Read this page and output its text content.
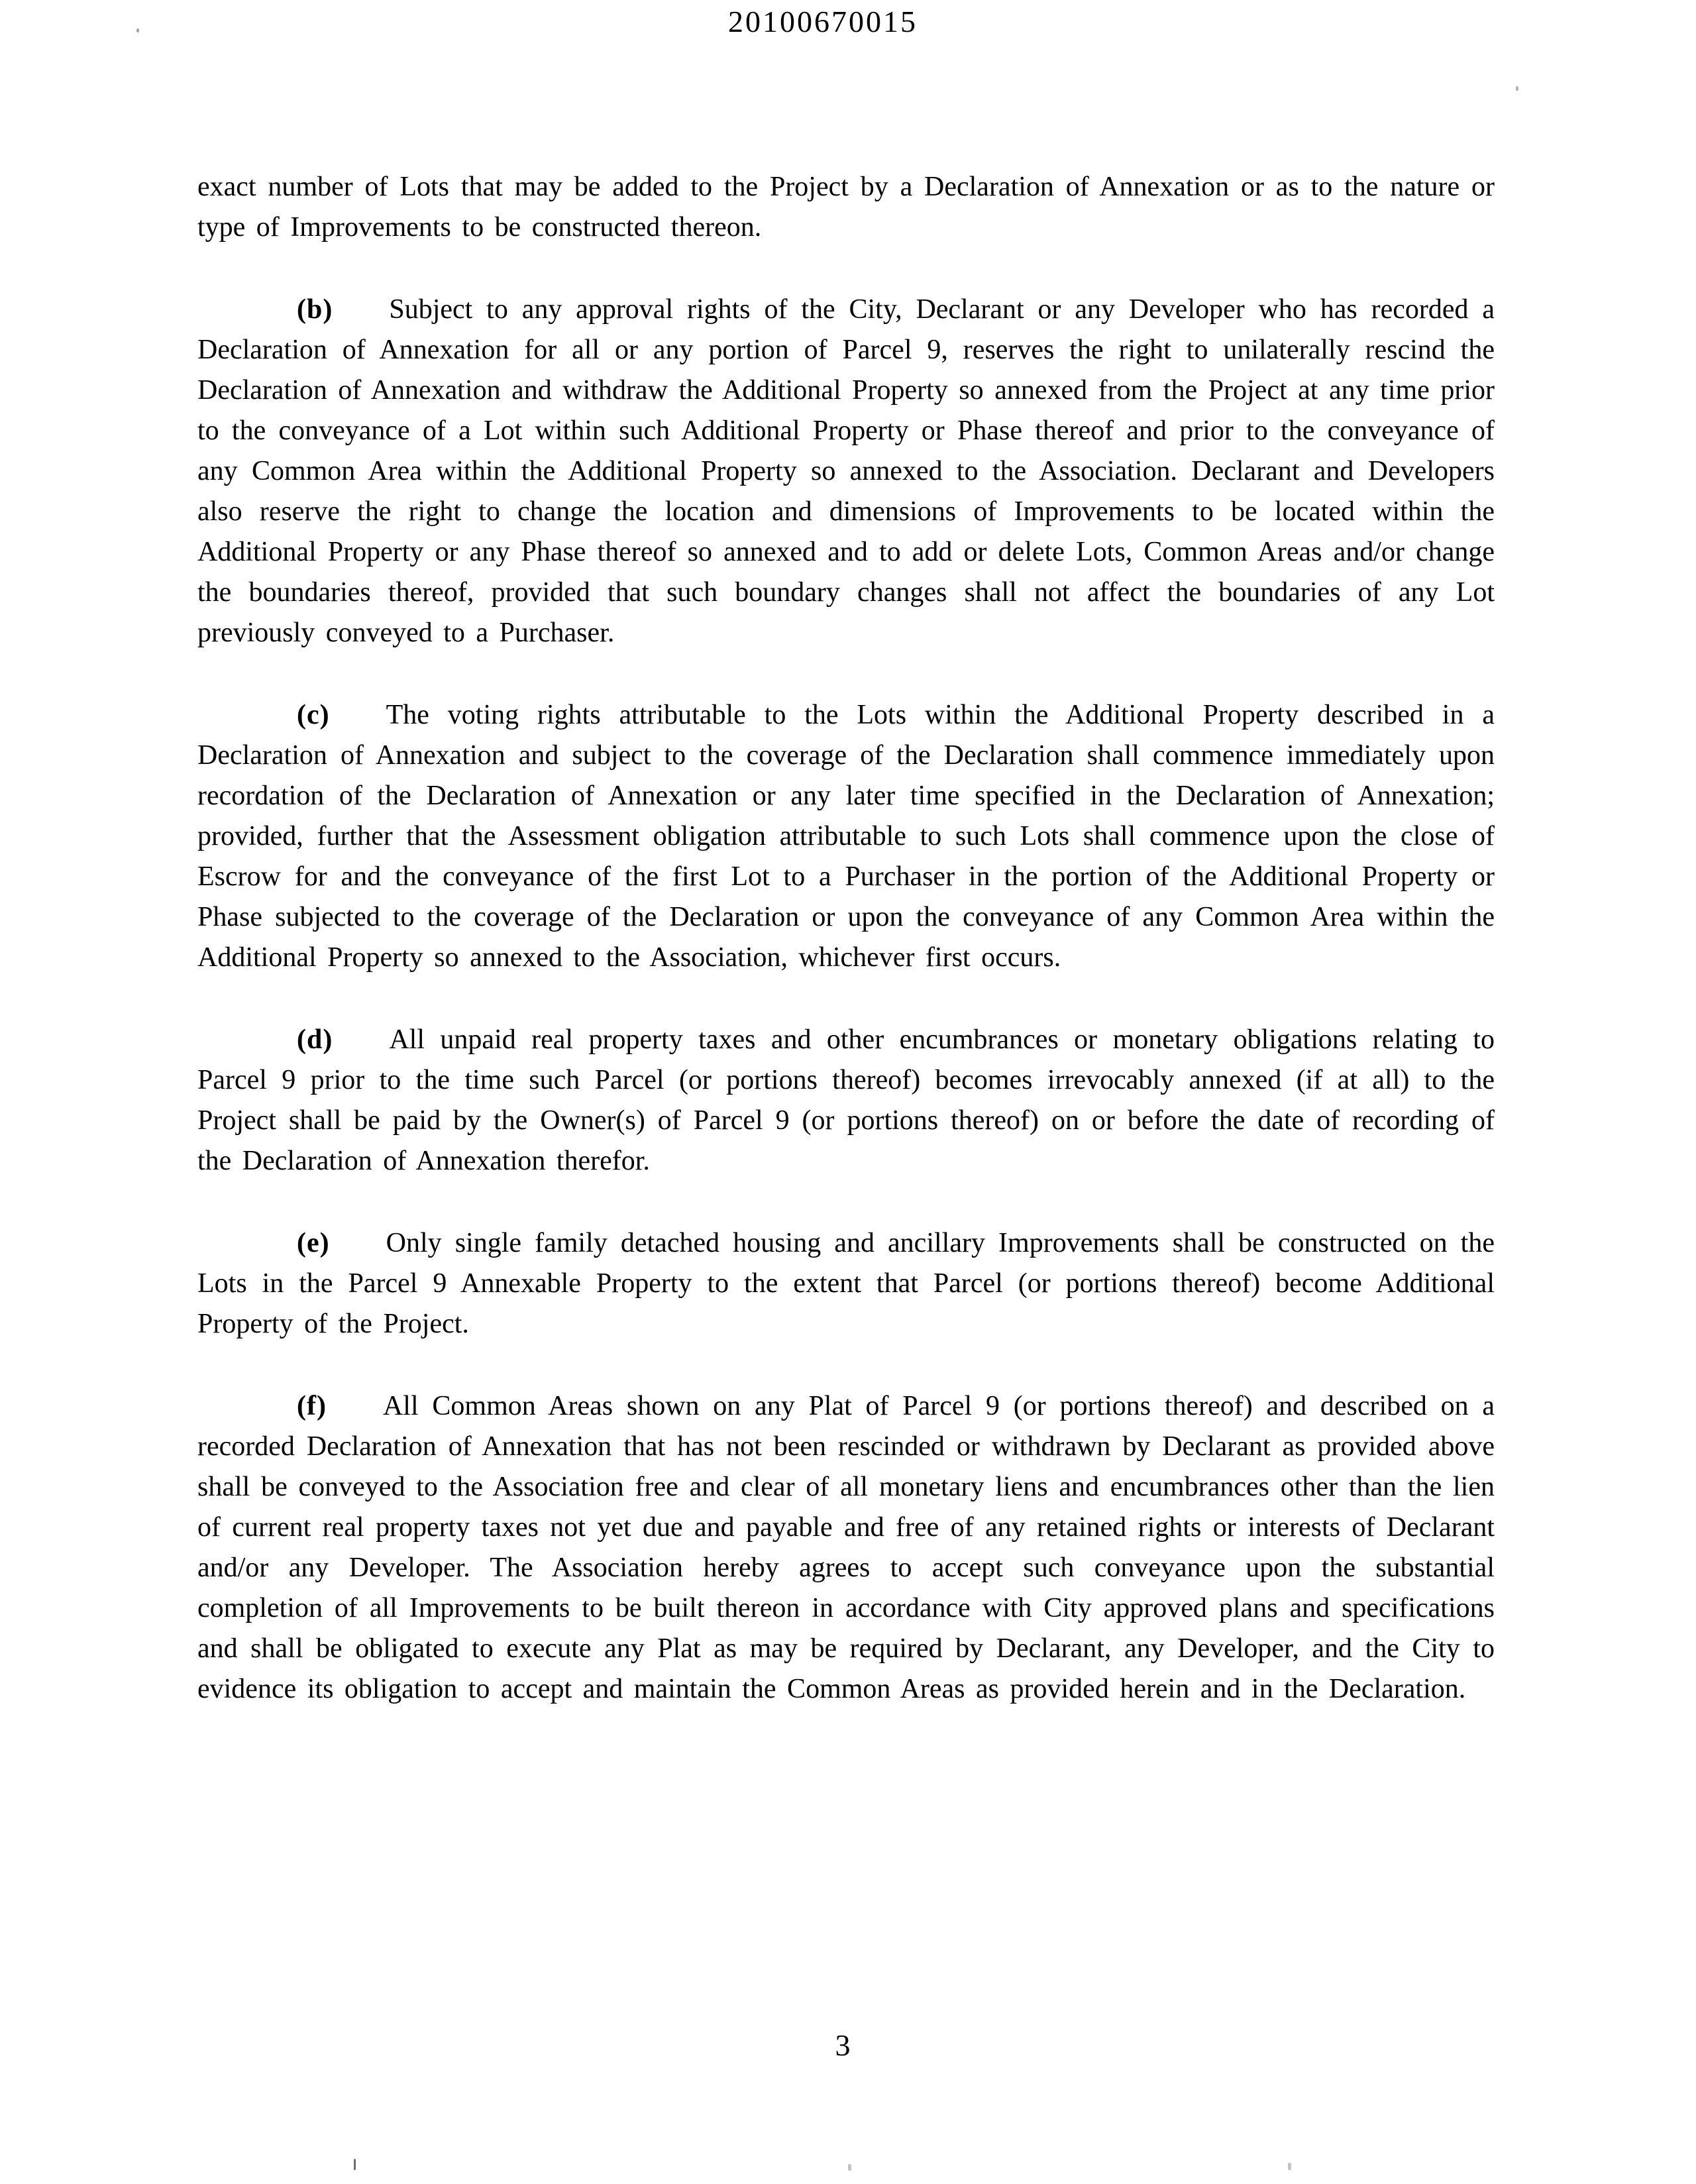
20100670015

exact number of Lots that may be added to the Project by a Declaration of Annexation or as to the nature or type of Improvements to be constructed thereon.

(b) Subject to any approval rights of the City, Declarant or any Developer who has recorded a Declaration of Annexation for all or any portion of Parcel 9, reserves the right to unilaterally rescind the Declaration of Annexation and withdraw the Additional Property so annexed from the Project at any time prior to the conveyance of a Lot within such Additional Property or Phase thereof and prior to the conveyance of any Common Area within the Additional Property so annexed to the Association. Declarant and Developers also reserve the right to change the location and dimensions of Improvements to be located within the Additional Property or any Phase thereof so annexed and to add or delete Lots, Common Areas and/or change the boundaries thereof, provided that such boundary changes shall not affect the boundaries of any Lot previously conveyed to a Purchaser.

(c) The voting rights attributable to the Lots within the Additional Property described in a Declaration of Annexation and subject to the coverage of the Declaration shall commence immediately upon recordation of the Declaration of Annexation or any later time specified in the Declaration of Annexation; provided, further that the Assessment obligation attributable to such Lots shall commence upon the close of Escrow for and the conveyance of the first Lot to a Purchaser in the portion of the Additional Property or Phase subjected to the coverage of the Declaration or upon the conveyance of any Common Area within the Additional Property so annexed to the Association, whichever first occurs.

(d) All unpaid real property taxes and other encumbrances or monetary obligations relating to Parcel 9 prior to the time such Parcel (or portions thereof) becomes irrevocably annexed (if at all) to the Project shall be paid by the Owner(s) of Parcel 9 (or portions thereof) on or before the date of recording of the Declaration of Annexation therefor.

(e) Only single family detached housing and ancillary Improvements shall be constructed on the Lots in the Parcel 9 Annexable Property to the extent that Parcel (or portions thereof) become Additional Property of the Project.

(f) All Common Areas shown on any Plat of Parcel 9 (or portions thereof) and described on a recorded Declaration of Annexation that has not been rescinded or withdrawn by Declarant as provided above shall be conveyed to the Association free and clear of all monetary liens and encumbrances other than the lien of current real property taxes not yet due and payable and free of any retained rights or interests of Declarant and/or any Developer. The Association hereby agrees to accept such conveyance upon the substantial completion of all Improvements to be built thereon in accordance with City approved plans and specifications and shall be obligated to execute any Plat as may be required by Declarant, any Developer, and the City to evidence its obligation to accept and maintain the Common Areas as provided herein and in the Declaration.

3
